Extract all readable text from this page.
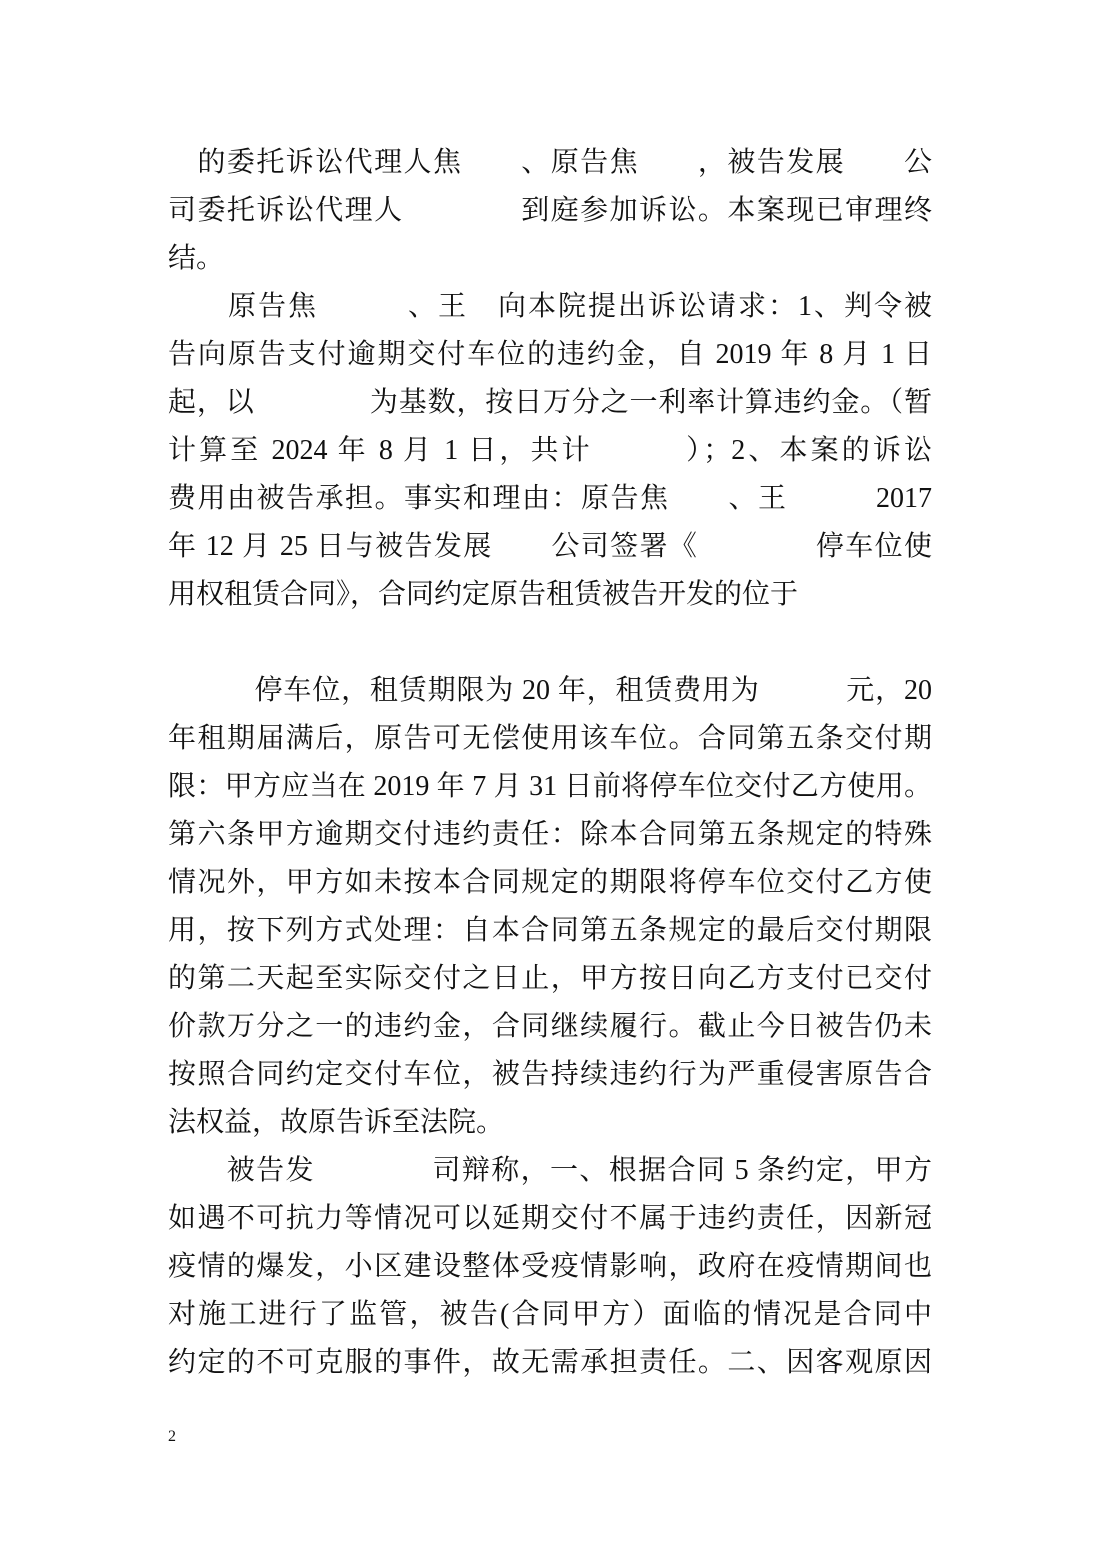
　的委托诉讼代理人焦　　、原告焦　　，被告发展　　公
司委托诉讼代理人　　　　到庭参加诉讼。本案现已审理终
结。
　　原告焦　　　、王　向本院提出诉讼请求：1、判令被
告向原告支付逾期交付车位的违约金，自 2019 年 8 月 1 日
起，以　　　　为基数，按日万分之一利率计算违约金。（暂
计算至 2024 年 8 月 1 日，共计　　　）；2、本案的诉讼
费用由被告承担。事实和理由：原告焦　　、王　　　2017
年 12 月 25 日与被告发展　　公司签署《　　　　停车位使
用权租赁合同》，合同约定原告租赁被告开发的位于
　　　停车位，租赁期限为 20 年，租赁费用为　　　元，20
年租期届满后，原告可无偿使用该车位。合同第五条交付期
限：甲方应当在 2019 年 7 月 31 日前将停车位交付乙方使用。
第六条甲方逾期交付违约责任：除本合同第五条规定的特殊
情况外，甲方如未按本合同规定的期限将停车位交付乙方使
用，按下列方式处理：自本合同第五条规定的最后交付期限
的第二天起至实际交付之日止，甲方按日向乙方支付已交付
价款万分之一的违约金，合同继续履行。截止今日被告仍未
按照合同约定交付车位，被告持续违约行为严重侵害原告合
法权益，故原告诉至法院。
　　被告发　　　　司辩称，一、根据合同 5 条约定，甲方
如遇不可抗力等情况可以延期交付不属于违约责任，因新冠
疫情的爆发，小区建设整体受疫情影响，政府在疫情期间也
对施工进行了监管，被告(合同甲方）面临的情况是合同中
约定的不可克服的事件，故无需承担责任。二、因客观原因
2
